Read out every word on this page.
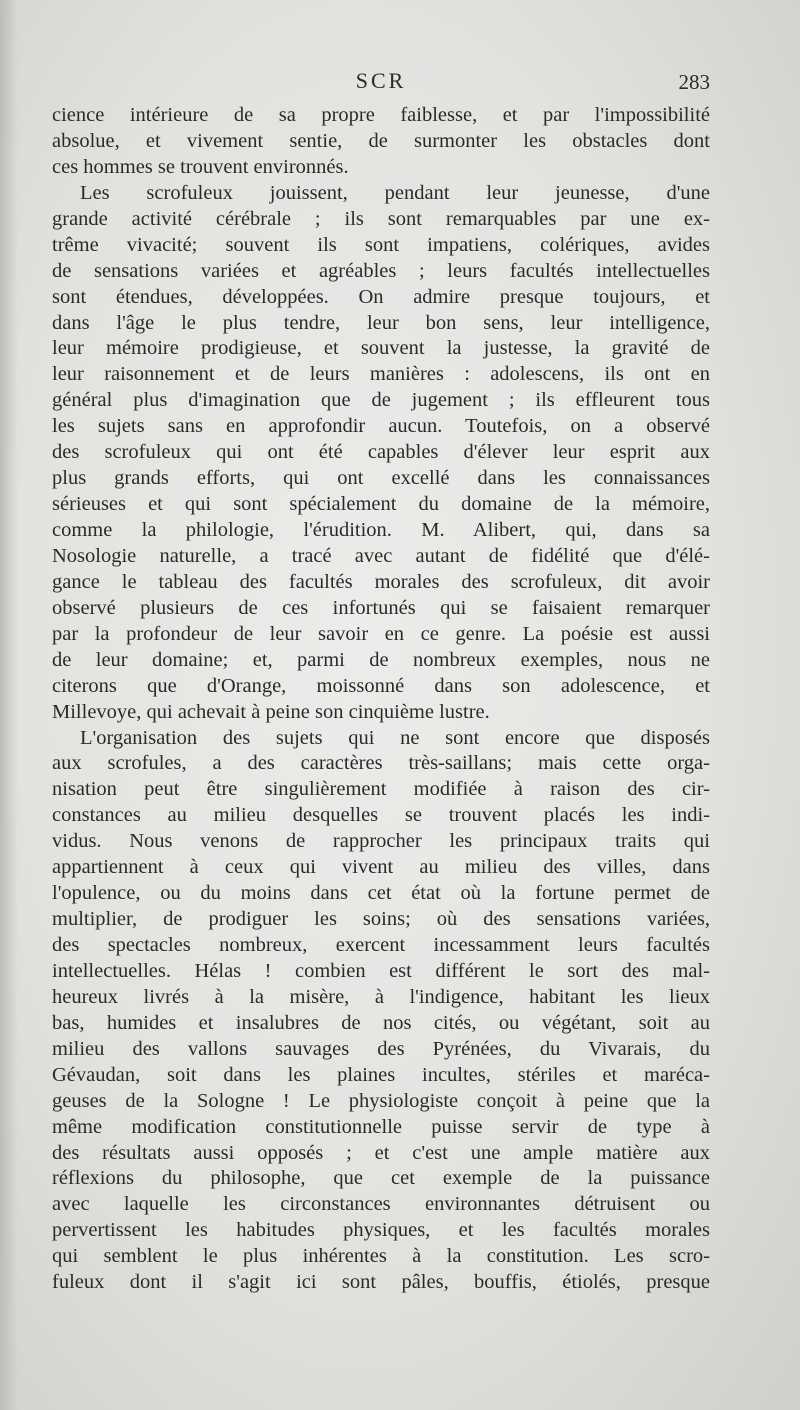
SCR	283
cience intérieure de sa propre faiblesse, et par l'impossibilité
absolue, et vivement sentie, de surmonter les obstacles dont
ces hommes se trouvent environnés.
Les scrofuleux jouissent, pendant leur jeunesse, d'une
grande activité cérébrale ; ils sont remarquables par une ex-
trême vivacité; souvent ils sont impatiens, colériques, avides
de sensations variées et agréables ; leurs facultés intellectuelles
sont étendues, développées. On admire presque toujours, et
dans l'âge le plus tendre, leur bon sens, leur intelligence,
leur mémoire prodigieuse, et souvent la justesse, la gravité de
leur raisonnement et de leurs manières : adolescens, ils ont en
général plus d'imagination que de jugement ; ils effleurent tous
les sujets sans en approfondir aucun. Toutefois, on a observé
des scrofuleux qui ont été capables d'élever leur esprit aux
plus grands efforts, qui ont excellé dans les connaissances
sérieuses et qui sont spécialement du domaine de la mémoire,
comme la philologie, l'érudition. M. Alibert, qui, dans sa
Nosologie naturelle, a tracé avec autant de fidélité que d'élé-
gance le tableau des facultés morales des scrofuleux, dit avoir
observé plusieurs de ces infortunés qui se faisaient remarquer
par la profondeur de leur savoir en ce genre. La poésie est aussi
de leur domaine; et, parmi de nombreux exemples, nous ne
citerons que d'Orange, moissonné dans son adolescence, et
Millevoye, qui achevait à peine son cinquième lustre.
L'organisation des sujets qui ne sont encore que disposés
aux scrofules, a des caractères très-saillans; mais cette orga-
nisation peut être singulièrement modifiée à raison des cir-
constances au milieu desquelles se trouvent placés les indi-
vidus. Nous venons de rapprocher les principaux traits qui
appartiennent à ceux qui vivent au milieu des villes, dans
l'opulence, ou du moins dans cet état où la fortune permet de
multiplier, de prodiguer les soins; où des sensations variées,
des spectacles nombreux, exercent incessamment leurs facultés
intellectuelles. Hélas ! combien est différent le sort des mal-
heureux livrés à la misère, à l'indigence, habitant les lieux
bas, humides et insalubres de nos cités, ou végétant, soit au
milieu des vallons sauvages des Pyrénées, du Vivarais, du
Gévaudan, soit dans les plaines incultes, stériles et maréca-
geuses de la Sologne ! Le physiologiste conçoit à peine que la
même modification constitutionnelle puisse servir de type à
des résultats aussi opposés ; et c'est une ample matière aux
réflexions du philosophe, que cet exemple de la puissance
avec laquelle les circonstances environnantes détruisent ou
pervertissent les habitudes physiques, et les facultés morales
qui semblent le plus inhérentes à la constitution. Les scro-
fuleux dont il s'agit ici sont pâles, bouffis, étiolés, presque
